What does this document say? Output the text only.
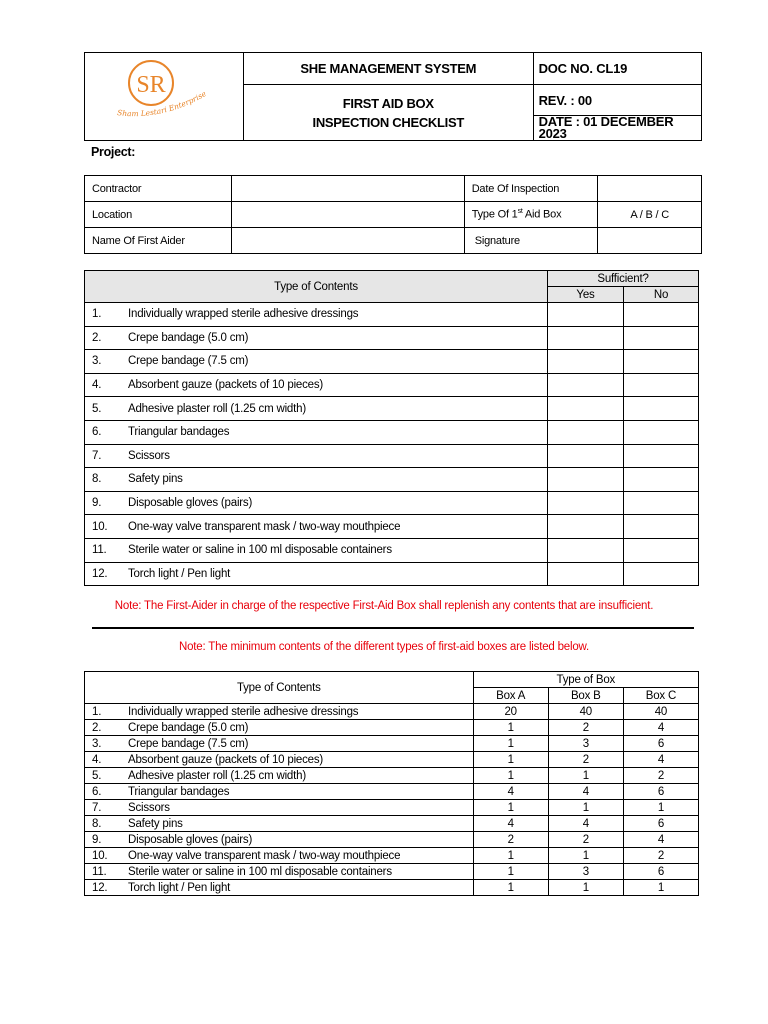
SR
Sham Lestari Enterprise	SHE MANAGEMENT SYSTEM	DOC NO. CL19

	FIRST AID BOX
INSPECTION CHECKLIST	REV. : 00
		DATE : 01 DECEMBER 2023
Project:
Contractor		Date Of Inspection	
Location		Type Of 1st Aid Box	A / B / C
Name Of First Aider		Signature	
Type of Contents	Sufficient?	
	Yes	No
1. Individually wrapped sterile adhesive dressings		
2. Crepe bandage (5.0 cm)		
3. Crepe bandage (7.5 cm)		
4. Absorbent gauze (packets of 10 pieces)		
5. Adhesive plaster roll (1.25 cm width)		
6. Triangular bandages		
7. Scissors		
8. Safety pins		
9. Disposable gloves (pairs)		
10. One-way valve transparent mask / two-way mouthpiece		
11. Sterile water or saline in 100 ml disposable containers		
12. Torch light / Pen light		
Note: The First-Aider in charge of the respective First-Aid Box shall replenish any contents that are insufficient.
Note: The minimum contents of the different types of first-aid boxes are listed below.
Type of Contents	Type of Box		
	Box A	Box B	Box C
1. Individually wrapped sterile adhesive dressings	20	40	40
2. Crepe bandage (5.0 cm)	1	2	4
3. Crepe bandage (7.5 cm)	1	3	6
4. Absorbent gauze (packets of 10 pieces)	1	2	4
5. Adhesive plaster roll (1.25 cm width)	1	1	2
6. Triangular bandages	4	4	6
7. Scissors	1	1	1
8. Safety pins	4	4	6
9. Disposable gloves (pairs)	2	2	4
10. One-way valve transparent mask / two-way mouthpiece	1	1	2
11. Sterile water or saline in 100 ml disposable containers	1	3	6
12. Torch light / Pen light	1	1	1
